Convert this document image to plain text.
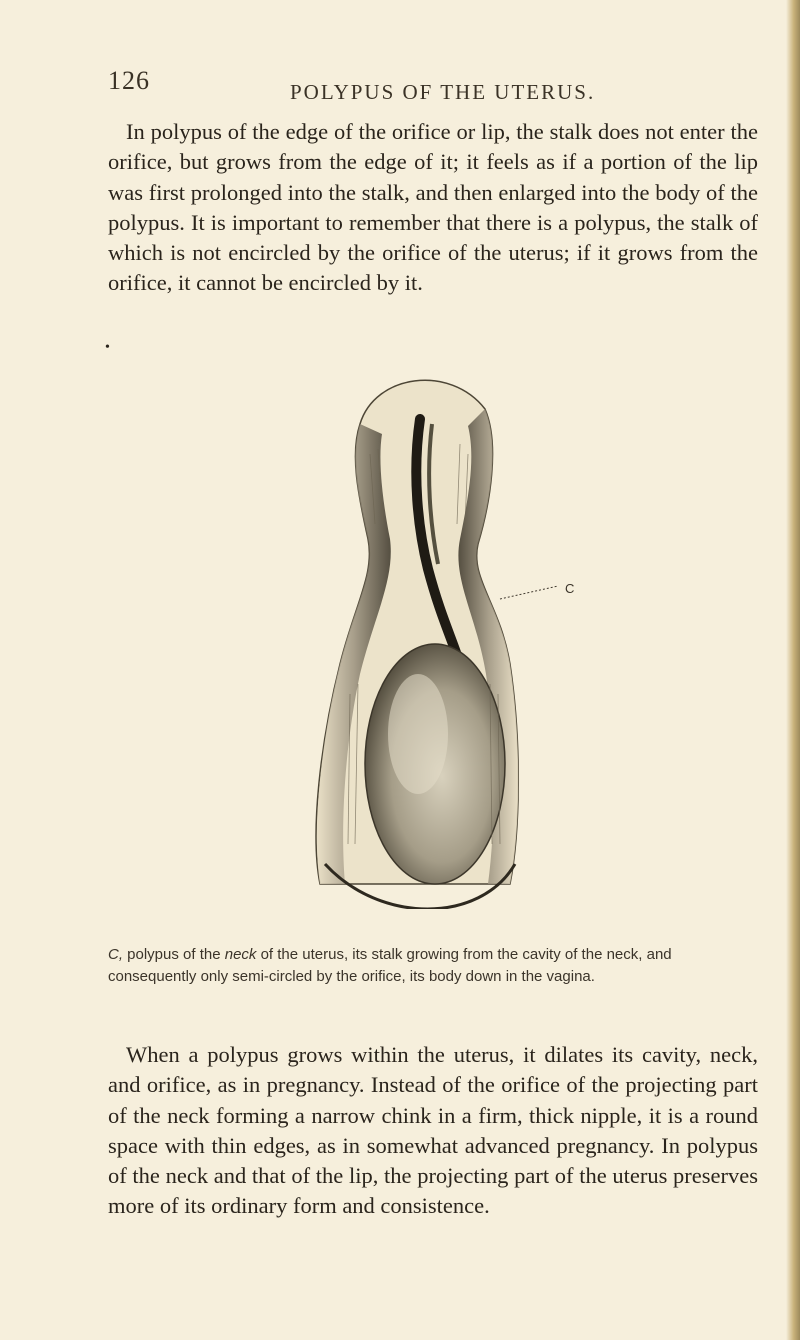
126	POLYPUS OF THE UTERUS.

In polypus of the edge of the orifice or lip, the stalk does not enter the orifice, but grows from the edge of it; it feels as if a portion of the lip was first prolonged into the stalk, and then enlarged into the body of the polypus. It is important to remember that there is a polypus, the stalk of which is not encircled by the orifice of the uterus; if it grows from the orifice, it cannot be encircled by it.

•
C
C, polypus of the neck of the uterus, its stalk growing from the cavity of the neck, and consequently only semi-circled by the orifice, its body down in the vagina.

When a polypus grows within the uterus, it dilates its cavity, neck, and orifice, as in pregnancy. Instead of the orifice of the projecting part of the neck forming a narrow chink in a firm, thick nipple, it is a round space with thin edges, as in somewhat advanced pregnancy. In polypus of the neck and that of the lip, the projecting part of the uterus preserves more of its ordinary form and consistence.
